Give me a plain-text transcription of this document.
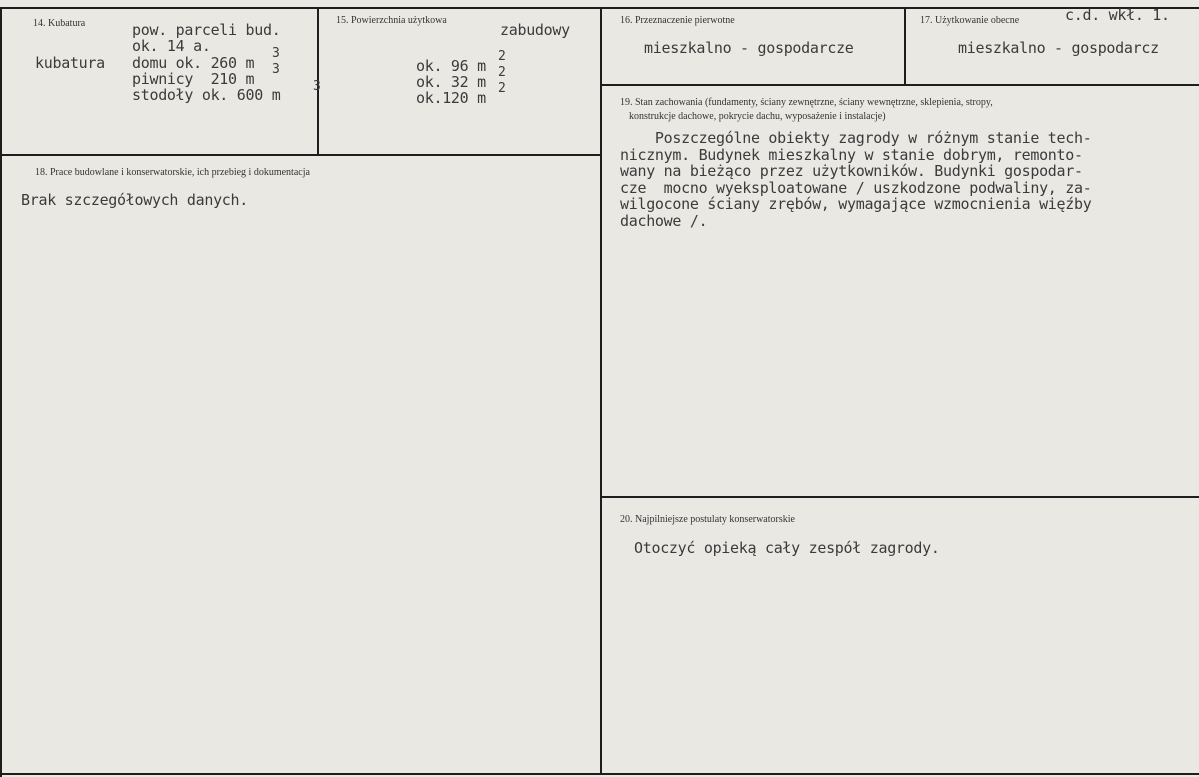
14. Kubatura	pow. parceli bud.
ok. 14 a.
kubatura domu ok. 260 m
piwnicy  210 m
stodoły ok. 600 m
3
3
3
15. Powierzchnia użytkowa
zabudowy
ok. 96 m
ok. 32 m
ok.120 m
2
2
2
16. Przeznaczenie pierwotne
mieszkalno - gospodarcze
17. Użytkowanie obecne	c.d. wkł. 1.
mieszkalno - gospodarcz
18. Prace budowlane i konserwatorskie, ich przebieg i dokumentacja
Brak szczegółowych danych.
19. Stan zachowania (fundamenty, ściany zewnętrzne, ściany wewnętrzne, sklepienia, stropy,
konstrukcje dachowe, pokrycie dachu, wyposażenie i instalacje)
Poszczególne obiekty zagrody w różnym stanie tech-
nicznym. Budynek mieszkalny w stanie dobrym, remonto-
wany na bieżąco przez użytkowników. Budynki gospodar-
cze  mocno wyeksploatowane / uszkodzone podwaliny, za-
wilgocone ściany zrębów, wymagające wzmocnienia więźby
dachowe /.
20. Najpilniejsze postulaty konserwatorskie
Otoczyć opieką cały zespół zagrody.
